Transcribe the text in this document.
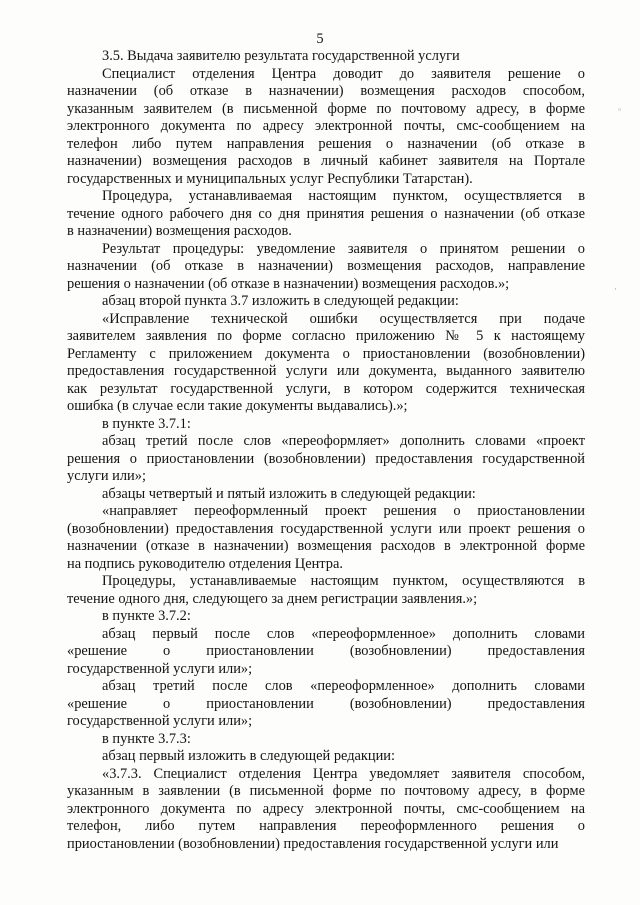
5
3.5. Выдача заявителю результата государственной услуги
Специалист отделения Центра доводит до заявителя решение о
назначении (об отказе в назначении) возмещения расходов способом,
указанным заявителем (в письменной форме по почтовому адресу, в форме
электронного документа по адресу электронной почты, смс-сообщением на
телефон либо путем направления решения о назначении (об отказе в
назначении) возмещения расходов в личный кабинет заявителя на Портале
государственных и муниципальных услуг Республики Татарстан).
Процедура, устанавливаемая настоящим пунктом, осуществляется в
течение одного рабочего дня со дня принятия решения о назначении (об отказе
в назначении) возмещения расходов.
Результат процедуры: уведомление заявителя о принятом решении о
назначении (об отказе в назначении) возмещения расходов, направление
решения о назначении (об отказе в назначении) возмещения расходов.»;
абзац второй пункта 3.7 изложить в следующей редакции:
«Исправление технической ошибки осуществляется при подаче
заявителем заявления по форме согласно приложению № 5 к настоящему
Регламенту с приложением документа о приостановлении (возобновлении)
предоставления государственной услуги или документа, выданного заявителю
как результат государственной услуги, в котором содержится техническая
ошибка (в случае если такие документы выдавались).»;
в пункте 3.7.1:
абзац третий после слов «переоформляет» дополнить словами «проект
решения о приостановлении (возобновлении) предоставления государственной
услуги или»;
абзацы четвертый и пятый изложить в следующей редакции:
«направляет переоформленный проект решения о приостановлении
(возобновлении) предоставления государственной услуги или проект решения о
назначении (отказе в назначении) возмещения расходов в электронной форме
на подпись руководителю отделения Центра.
Процедуры, устанавливаемые настоящим пунктом, осуществляются в
течение одного дня, следующего за днем регистрации заявления.»;
в пункте 3.7.2:
абзац первый после слов «переоформленное» дополнить словами
«решение о приостановлении (возобновлении) предоставления
государственной услуги или»;
абзац третий после слов «переоформленное» дополнить словами
«решение о приостановлении (возобновлении) предоставления
государственной услуги или»;
в пункте 3.7.3:
абзац первый изложить в следующей редакции:
«3.7.3. Специалист отделения Центра уведомляет заявителя способом,
указанным в заявлении (в письменной форме по почтовому адресу, в форме
электронного документа по адресу электронной почты, смс-сообщением на
телефон, либо путем направления переоформленного решения о
приостановлении (возобновлении) предоставления государственной услуги или
◦
·
